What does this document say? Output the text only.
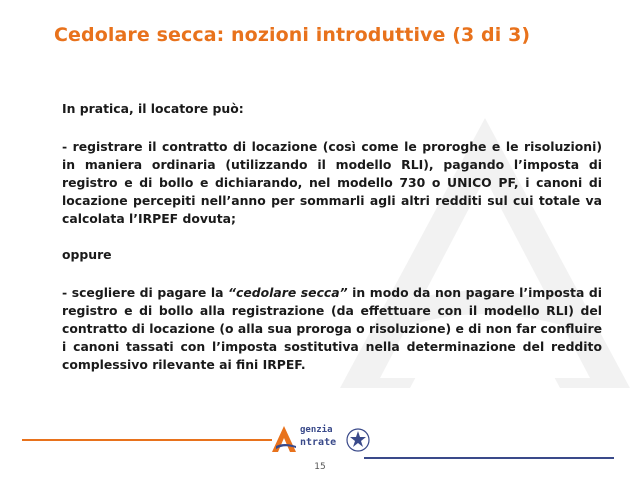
Cedolare secca: nozioni introduttive (3 di 3)

In pratica, il locatore può:

- registrare il contratto di locazione (così come le proroghe e le risoluzioni) in maniera ordinaria (utilizzando il modello RLI), pagando l’imposta di registro e di bollo e dichiarando, nel modello 730 o UNICO PF, i canoni di locazione percepiti nell’anno per sommarli agli altri redditi sul cui totale va calcolata l’IRPEF dovuta;

oppure

- scegliere di pagare la “cedolare secca” in modo da non pagare l’imposta di registro e di bollo alla registrazione (da effettuare con il modello RLI) del contratto di locazione (o alla sua proroga o risoluzione) e di non far confluire i canoni tassati con l’imposta sostitutiva nella determinazione del reddito complessivo rilevante ai fini IRPEF.

genzia
ntrate
15
